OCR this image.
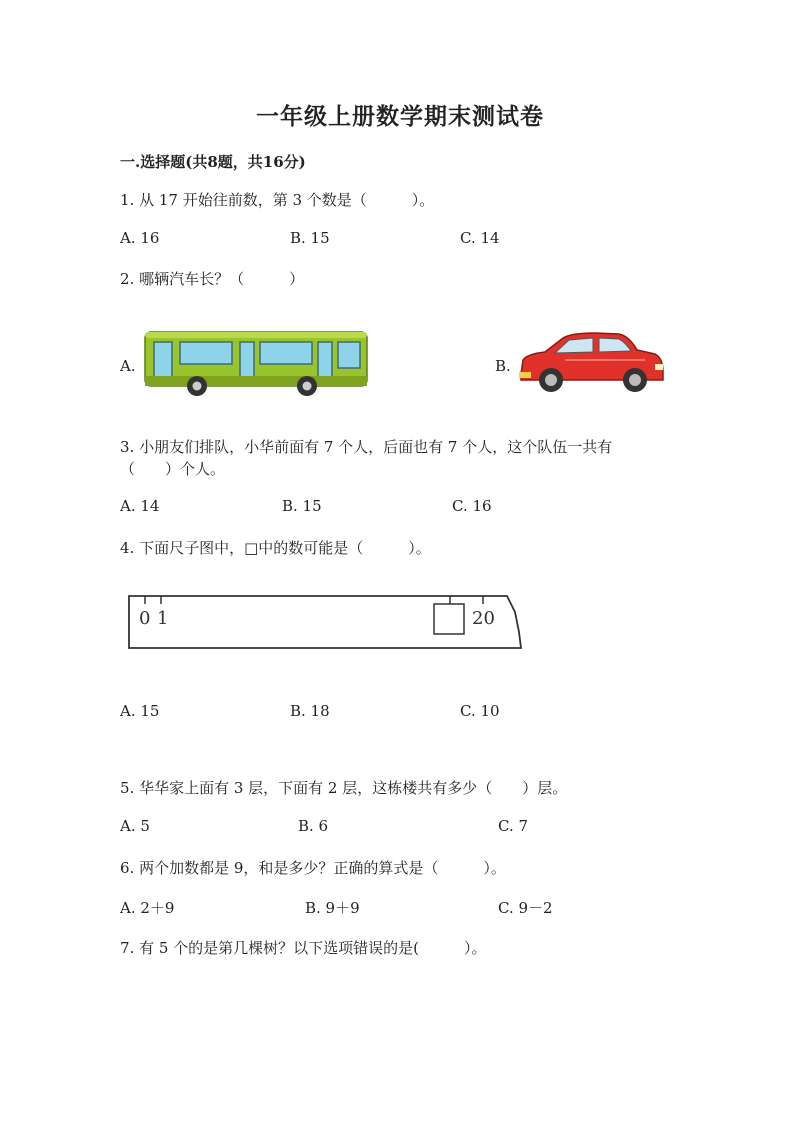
一年级上册数学期末测试卷
一.选择题(共8题，共16分)
1. 从 17 开始往前数，第 3 个数是（　　　）。
A. 16	B. 15	C. 14
2. 哪辆汽车长？（　　　）
A.	B.
3. 小朋友们排队，小华前面有 7 个人，后面也有 7 个人，这个队伍一共有
（　　）个人。
A. 14	B. 15	C. 16
4. 下面尺子图中，□中的数可能是（　　　）。
0 1	20
A. 15	B. 18	C. 10
5. 华华家上面有 3 层，下面有 2 层，这栋楼共有多少（　　）层。
A. 5	B. 6	C. 7
6. 两个加数都是 9，和是多少？正确的算式是（　　　）。
A. 2＋9	B. 9＋9	C. 9－2
7. 有 5 个的是第几棵树？以下选项错误的是(　　　）。
